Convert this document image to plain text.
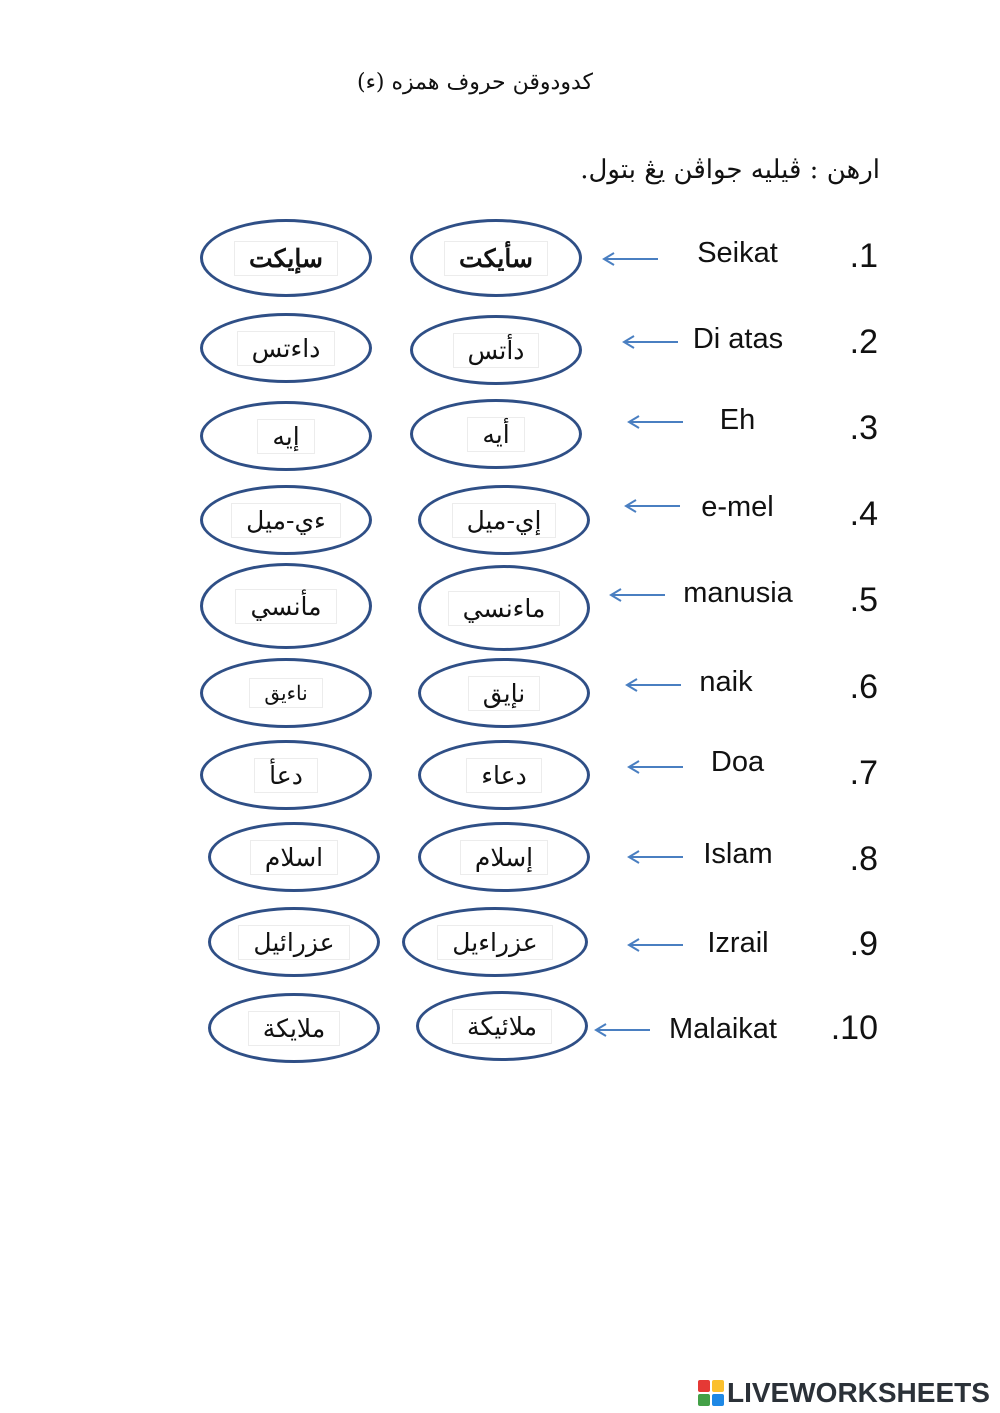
كدودوقن حروف همزه (ء)
ارهن : ڤيليه جواڤن يڠ بتول.
سإيكت	سأيكت	Seikat	.1
داءتس	دأتس	Di atas	.2
إيه	أيه	Eh	.3
ءي-ميل	إي-ميل	e-mel	.4
مأنسي	ماءنسي	manusia	.5
ناءيق	نإيق	naik	.6
دعأ	دعاء	Doa	.7
اسلام	إسلام	Islam	.8
عزرائيل	عزراءيل	Izrail	.9
ملايكة	ملائيكة	Malaikat	.10
LIVEWORKSHEETS
